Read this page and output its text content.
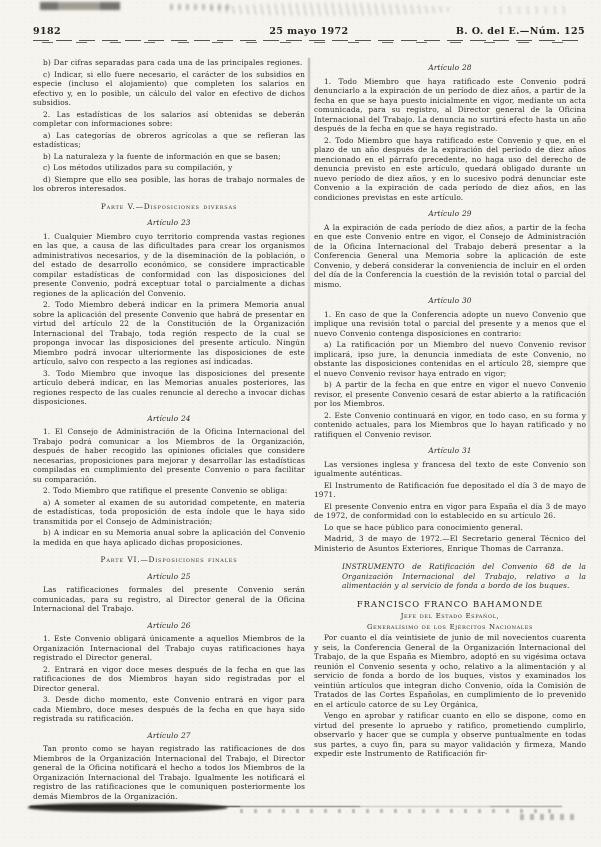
9182	25 mayo 1972	B. O. del E.—Núm. 125
b) Dar cifras separadas para cada una de las principales regiones.
c) Indicar, si ello fuere necesario, el carácter de los subsidios en especie (incluso el alojamiento) que completen los salarios en efectivo y, en lo posible, un cálculo del valor en efectivo de dichos subsidios.
2. Las estadísticas de los salarios así obtenidas se deberán completar con informaciones sobre:
a) Las categorías de obreros agrícolas a que se refieran las estadísticas;
b) La naturaleza y la fuente de información en que se basen;
c) Los métodos utilizados para su compilación, y
d) Siempre que ello sea posible, las horas de trabajo normales de los obreros interesados.
Parte V.—Disposiciones diversas
Artículo 23
1. Cualquier Miembro cuyo territorio comprenda vastas regiones en las que, a causa de las dificultades para crear los organismos administrativos necesarios, y de la diseminación de la población, o del estado de desarrollo económico, se considere impracticable compilar estadísticas de conformidad con las disposiciones del presente Convenio, podrá exceptuar total o parcialmente a dichas regiones de la aplicación del Convenio.
2. Todo Miembro deberá indicar en la primera Memoria anual sobre la aplicación del presente Convenio que habrá de presentar en virtud del artículo 22 de la Constitución de la Organización Internacional del Trabajo, toda región respecto de la cual se proponga invocar las disposiciones del presente artículo. Ningún Miembro podrá invocar ulteriormente las disposiciones de este artículo, salvo con respecto a las regiones así indicadas.
3. Todo Miembro que invoque las disposiciones del presente artículo deberá indicar, en las Memorias anuales posteriores, las regiones respecto de las cuales renuncie al derecho a invocar dichas disposiciones.
Artículo 24
1. El Consejo de Administración de la Oficina Internacional del Trabajo podrá comunicar a los Miembros de la Organización, después de haber recogido las opiniones oficiales que considere necesarias, proposiciones para mejorar y desarrollar las estadísticas compiladas en cumplimiento del presente Convenio o para facilitar su comparación.
2. Todo Miembro que ratifique el presente Convenio se obliga:
a) A someter al examen de su autoridad competente, en materia de estadísticas, toda proposición de esta índole que le haya sido transmitida por el Consejo de Administración;
b) A indicar en su Memoria anual sobre la aplicación del Convenio la medida en que haya aplicado dichas proposiciones.
Parte VI.—Disposiciones finales
Artículo 25
Las ratificaciones formales del presente Convenio serán comunicadas, para su registro, al Director general de la Oficina Internacional del Trabajo.
Artículo 26
1. Este Convenio obligará únicamente a aquellos Miembros de la Organización Internacional del Trabajo cuyas ratificaciones haya registrado el Director general.
2. Entrará en vigor doce meses después de la fecha en que las ratificaciones de dos Miembros hayan sido registradas por el Director general.
3. Desde dicho momento, este Convenio entrará en vigor para cada Miembro, doce meses después de la fecha en que haya sido registrada su ratificación.
Artículo 27
Tan pronto como se hayan registrado las ratificaciones de dos Miembros de la Organización Internacional del Trabajo, el Director general de la Oficina notificará el hecho a todos los Miembros de la Organización Internacional del Trabajo. Igualmente les notificará el registro de las ratificaciones que le comuniquen posteriormente los demás Miembros de la Organización.
Artículo 28
1. Todo Miembro que haya ratificado este Convenio podrá denunciarlo a la expiración de un período de diez años, a partir de la fecha en que se haya puesto inicialmente en vigor, mediante un acta comunicada, para su registro, al Director general de la Oficina Internacional del Trabajo. La denuncia no surtirá efecto hasta un año después de la fecha en que se haya registrado.
2. Todo Miembro que haya ratificado este Convenio y que, en el plazo de un año después de la expiración del período de diez años mencionado en el párrafo precedente, no haga uso del derecho de denuncia previsto en este artículo, quedará obligado durante un nuevo período de diez años, y en lo sucesivo podrá denunciar este Convenio a la expiración de cada período de diez años, en las condiciones previstas en este artículo.
Artículo 29
A la expiración de cada período de diez años, a partir de la fecha en que este Convenio entre en vigor, el Consejo de Administración de la Oficina Internacional del Trabajo deberá presentar a la Conferencia General una Memoria sobre la aplicación de este Convenio, y deberá considerar la conveniencia de incluir en el orden del día de la Conferencia la cuestión de la revisión total o parcial del mismo.
Artículo 30
1. En caso de que la Conferencia adopte un nuevo Convenio que implique una revisión total o parcial del presente y a menos que el nuevo Convenio contenga disposiciones en contrario:
a) La ratificación por un Miembro del nuevo Convenio revisor implicará, ipso jure, la denuncia inmediata de este Convenio, no obstante las disposiciones contenidas en el artículo 28, siempre que el nuevo Convenio revisor haya entrado en vigor;
b) A partir de la fecha en que entre en vigor el nuevo Convenio revisor, el presente Convenio cesará de estar abierto a la ratificación por los Miembros.
2. Este Convenio continuará en vigor, en todo caso, en su forma y contenido actuales, para los Miembros que lo hayan ratificado y no ratifiquen el Convenio revisor.
Artículo 31
Las versiones inglesa y francesa del texto de este Convenio son igualmente auténticas.
El Instrumento de Ratificación fue depositado el día 3 de mayo de 1971.
El presente Convenio entra en vigor para España el día 3 de mayo de 1972, de conformidad con lo establecido en su artículo 26.
Lo que se hace público para conocimiento general.
Madrid, 3 de mayo de 1972.—El Secretario general Técnico del Ministerio de Asuntos Exteriores, Enrique Thomas de Carranza.
INSTRUMENTO de Ratificación del Convenio 68 de la Organización Internacional del Trabajo, relativo a la alimentación y al servicio de fonda a bordo de los buques.
FRANCISCO FRANCO BAHAMONDE
Jefe del Estado Español,
Generalísimo de los Ejércitos Nacionales
Por cuanto el día veintisiete de junio de mil novecientos cuarenta y seis, la Conferencia General de la Organización Internacional del Trabajo, de la que España es Miembro, adoptó en su vigésima octava reunión el Convenio sesenta y ocho, relativo a la alimentación y al servicio de fonda a bordo de los buques, vistos y examinados los veintiún artículos que integran dicho Convenio, oída la Comisión de Tratados de las Cortes Españolas, en cumplimiento de lo prevenido en el artículo catorce de su Ley Orgánica,
Vengo en aprobar y ratificar cuanto en ello se dispone, como en virtud del presente lo apruebo y ratifico, prometiendo cumplirlo, observarlo y hacer que se cumpla y observe puntualmente en todas sus partes, a cuyo fin, para su mayor validación y firmeza, Mando expedir este Instrumento de Ratificación fir-
